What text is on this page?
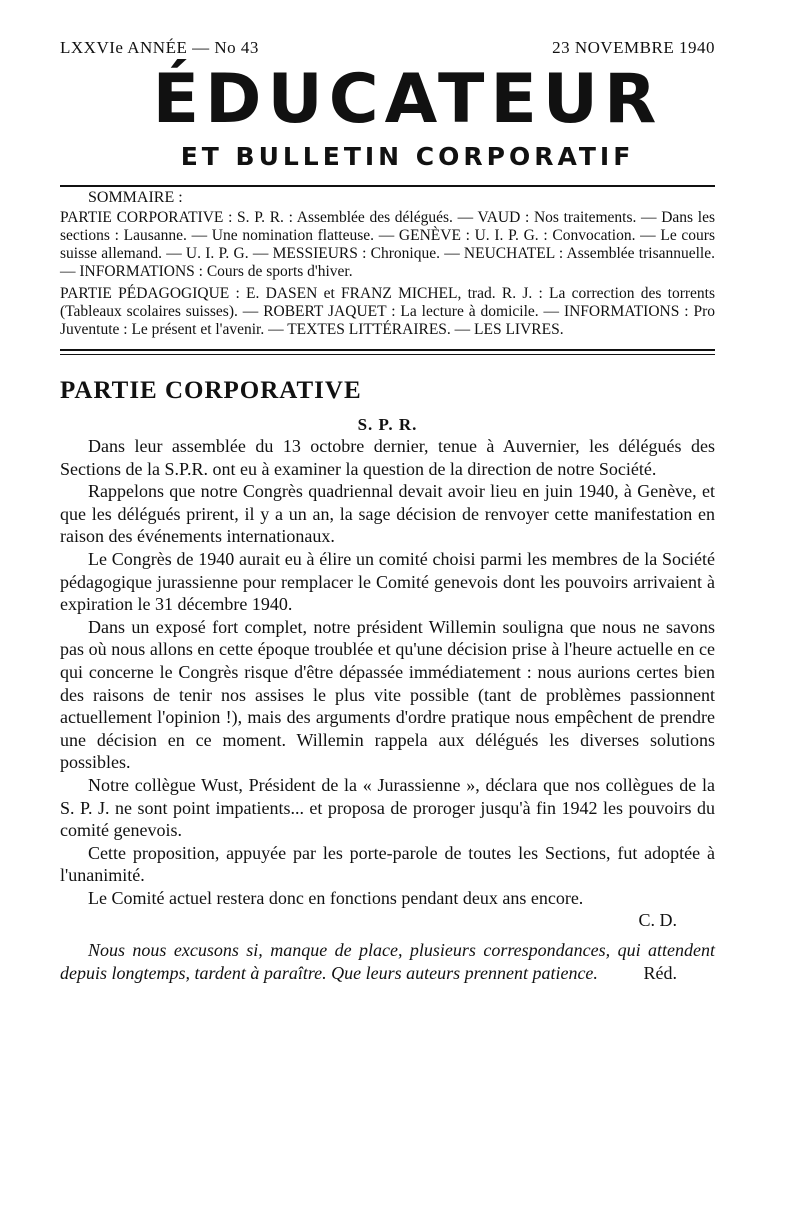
LXXVIe ANNÉE — No 43	23 NOVEMBRE 1940
ÉDUCATEUR
ET BULLETIN CORPORATIF
SOMMAIRE :

PARTIE CORPORATIVE : S. P. R. : Assemblée des délégués. — VAUD : Nos traitements. — Dans les sections : Lausanne. — Une nomination flatteuse. — GENÈVE : U. I. P. G. : Convocation. — Le cours suisse allemand. — U. I. P. G. — MESSIEURS : Chronique. — NEUCHATEL : Assemblée trisannuelle. — INFORMATIONS : Cours de sports d'hiver.

PARTIE PÉDAGOGIQUE : E. DASEN et FRANZ MICHEL, trad. R. J. : La correction des torrents (Tableaux scolaires suisses). — ROBERT JAQUET : La lecture à domicile. — INFORMATIONS : Pro Juventute : Le présent et l'avenir. — TEXTES LITTÉRAIRES. — LES LIVRES.

PARTIE CORPORATIVE
S. P. R.

Dans leur assemblée du 13 octobre dernier, tenue à Auvernier, les délégués des Sections de la S.P.R. ont eu à examiner la question de la direction de notre Société.

Rappelons que notre Congrès quadriennal devait avoir lieu en juin 1940, à Genève, et que les délégués prirent, il y a un an, la sage décision de renvoyer cette manifestation en raison des événements internationaux.

Le Congrès de 1940 aurait eu à élire un comité choisi parmi les membres de la Société pédagogique jurassienne pour remplacer le Comité genevois dont les pouvoirs arrivaient à expiration le 31 décembre 1940.

Dans un exposé fort complet, notre président Willemin souligna que nous ne savons pas où nous allons en cette époque troublée et qu'une décision prise à l'heure actuelle en ce qui concerne le Congrès risque d'être dépassée immédiatement : nous aurions certes bien des raisons de tenir nos assises le plus vite possible (tant de problèmes passionnent actuellement l'opinion !), mais des arguments d'ordre pratique nous empêchent de prendre une décision en ce moment. Willemin rappela aux délégués les diverses solutions possibles.

Notre collègue Wust, Président de la « Jurassienne », déclara que nos collègues de la S. P. J. ne sont point impatients... et proposa de proroger jusqu'à fin 1942 les pouvoirs du comité genevois.

Cette proposition, appuyée par les porte-parole de toutes les Sections, fut adoptée à l'unanimité.

Le Comité actuel restera donc en fonctions pendant deux ans encore.

C. D.
Nous nous excusons si, manque de place, plusieurs correspondances, qui attendent depuis longtemps, tardent à paraître. Que leurs auteurs prennent patience.	Réd.
